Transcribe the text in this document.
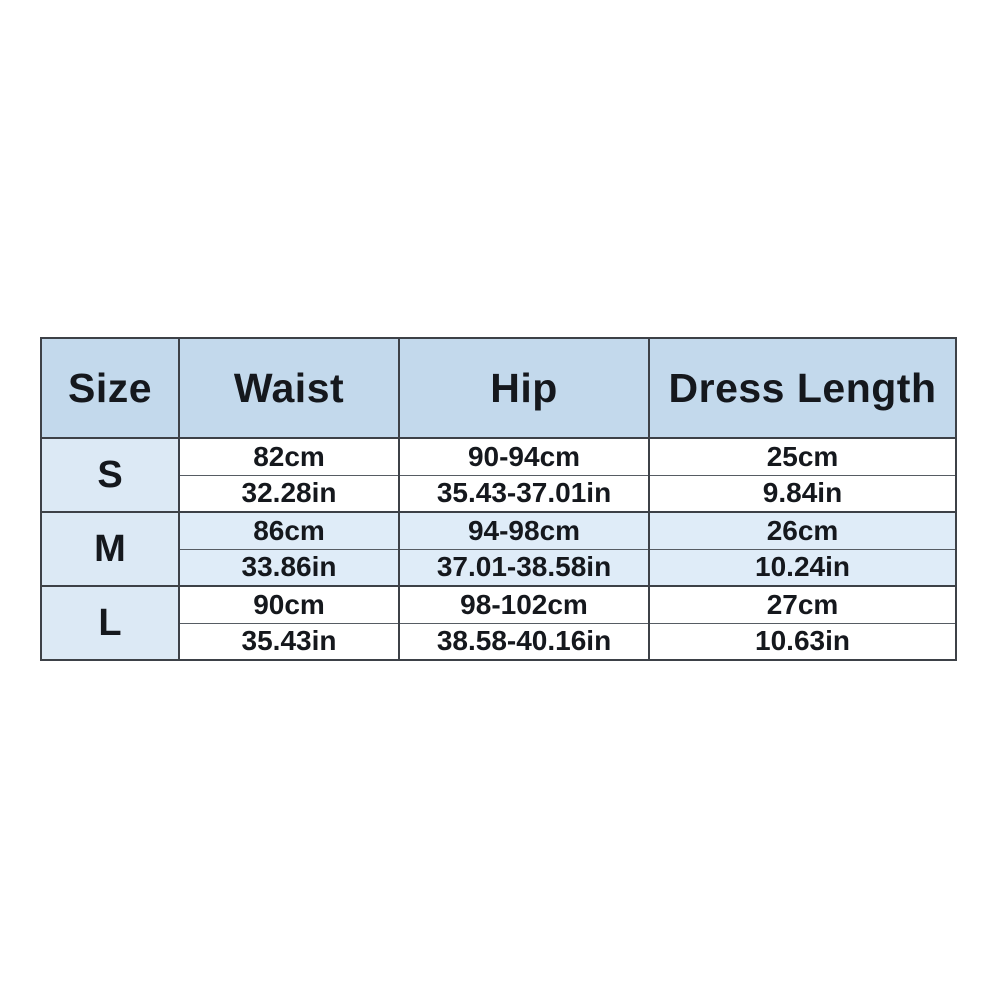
Size	Waist	Hip	Dress Length
S	82cm	90-94cm	25cm
	32.28in	35.43-37.01in	9.84in
M	86cm	94-98cm	26cm
	33.86in	37.01-38.58in	10.24in
L	90cm	98-102cm	27cm
	35.43in	38.58-40.16in	10.63in
